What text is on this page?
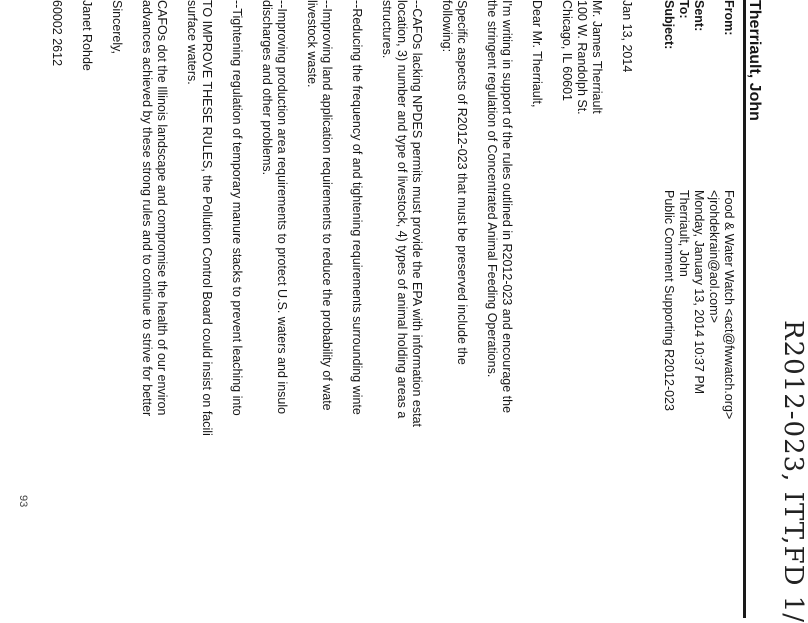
R2012-023, ITT,FD 1/
Therriault, John
From:
Food & Water Watch <act@fwwatch.org>
<jrohdekrain@aol.com>
Sent:
Monday, January 13, 2014 10:37 PM
To:
Therriault, John
Subject:
Public Comment Supporting R2012-023
Jan 13, 2014
Mr. James Therriault
100 W. Randolph St.
Chicago, IL 60601
Dear Mr. Therriault,
I'm writing in support of the rules outlined in R2012-023 and encourage the
the stringent regulation of Concentrated Animal Feeding Operations.
Specific aspects of R2012-023 that must be preserved include the
following:
--CAFOs lacking NPDES permits must provide the EPA with information estat
location, 3) number and type of livestock, 4) types of animal holding areas a
structures.
--Reducing the frequency of and tightening requirements surrounding winte
--Improving land application requirements to reduce the probability of wate
livestock waste.
--Improving production area requirements to protect U.S. waters and insulo
discharges and other problems.
--Tightening regulation of temporary manure stacks to prevent leaching into
TO IMPROVE THESE RULES, the Pollution Control Board could insist on facili
surface waters.
CAFOs dot the Illinois landscape and compromise the health of our environ
advances achieved by these strong rules and to continue to strive for better
Sincerely,
Janet Rohde
60002 2612
93
